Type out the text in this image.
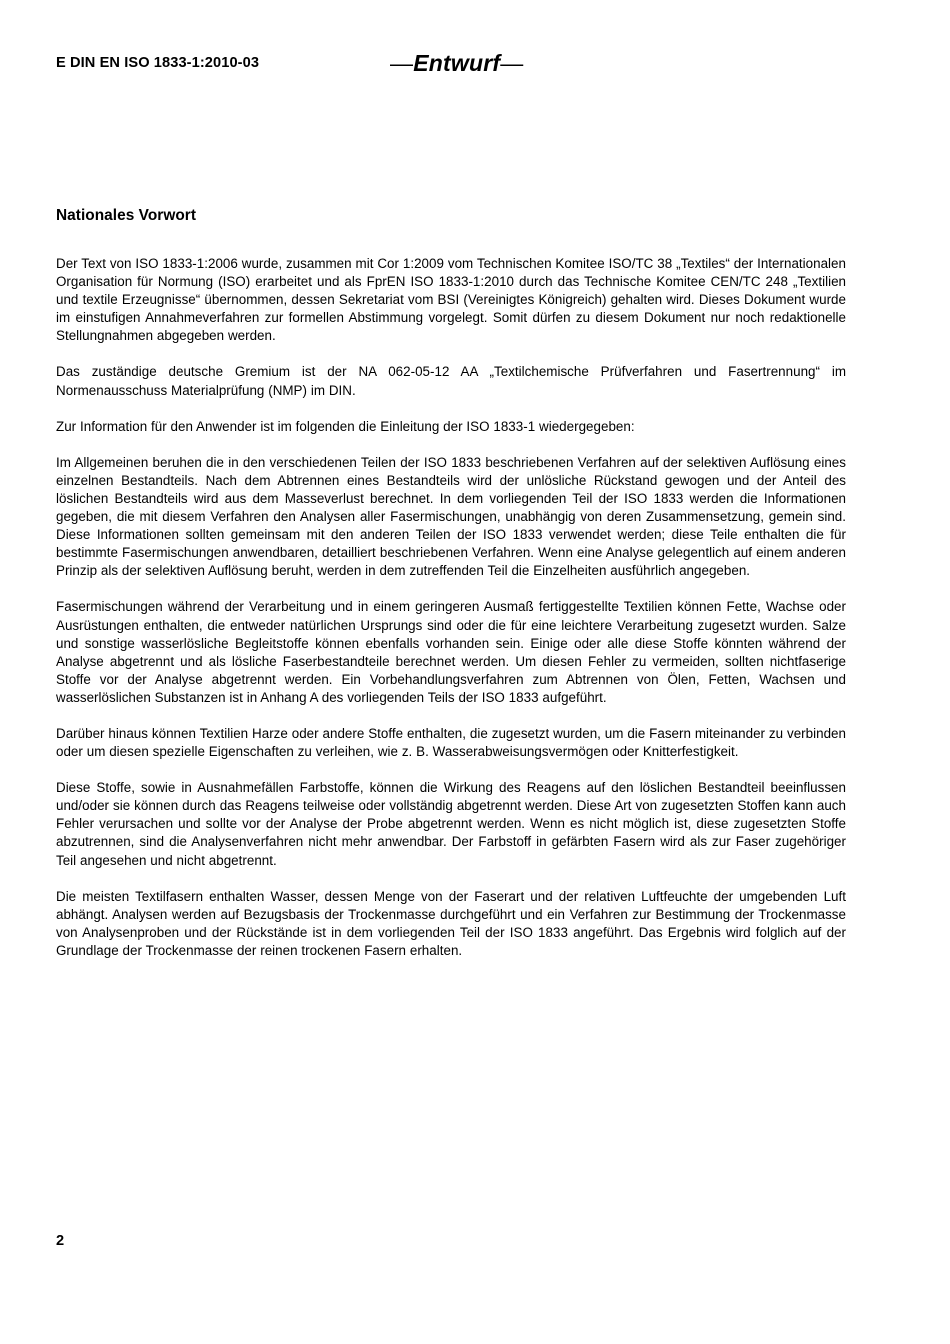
E DIN EN ISO 1833-1:2010-03	—Entwurf—
Nationales Vorwort

Der Text von ISO 1833-1:2006 wurde, zusammen mit Cor 1:2009 vom Technischen Komitee ISO/TC 38 „Textiles“ der Internationalen Organisation für Normung (ISO) erarbeitet und als FprEN ISO 1833-1:2010 durch das Technische Komitee CEN/TC 248 „Textilien und textile Erzeugnisse“ übernommen, dessen Sekretariat vom BSI (Vereinigtes Königreich) gehalten wird. Dieses Dokument wurde im einstufigen Annahmeverfahren zur formellen Abstimmung vorgelegt. Somit dürfen zu diesem Dokument nur noch redaktionelle Stellungnahmen abgegeben werden.

Das zuständige deutsche Gremium ist der NA 062-05-12 AA „Textilchemische Prüfverfahren und Fasertrennung“ im Normenausschuss Materialprüfung (NMP) im DIN.

Zur Information für den Anwender ist im folgenden die Einleitung der ISO 1833-1 wiedergegeben:

Im Allgemeinen beruhen die in den verschiedenen Teilen der ISO 1833 beschriebenen Verfahren auf der selektiven Auflösung eines einzelnen Bestandteils. Nach dem Abtrennen eines Bestandteils wird der unlösliche Rückstand gewogen und der Anteil des löslichen Bestandteils wird aus dem Masseverlust berechnet. In dem vorliegenden Teil der ISO 1833 werden die Informationen gegeben, die mit diesem Verfahren den Analysen aller Fasermischungen, unabhängig von deren Zusammensetzung, gemein sind. Diese Informationen sollten gemeinsam mit den anderen Teilen der ISO 1833 verwendet werden; diese Teile enthalten die für bestimmte Fasermischungen anwendbaren, detailliert beschriebenen Verfahren. Wenn eine Analyse gelegentlich auf einem anderen Prinzip als der selektiven Auflösung beruht, werden in dem zutreffenden Teil die Einzelheiten ausführlich angegeben.

Fasermischungen während der Verarbeitung und in einem geringeren Ausmaß fertiggestellte Textilien können Fette, Wachse oder Ausrüstungen enthalten, die entweder natürlichen Ursprungs sind oder die für eine leichtere Verarbeitung zugesetzt wurden. Salze und sonstige wasserlösliche Begleitstoffe können ebenfalls vorhanden sein. Einige oder alle diese Stoffe könnten während der Analyse abgetrennt und als lösliche Faserbestandteile berechnet werden. Um diesen Fehler zu vermeiden, sollten nichtfaserige Stoffe vor der Analyse abgetrennt werden. Ein Vorbehandlungsverfahren zum Abtrennen von Ölen, Fetten, Wachsen und wasserlöslichen Substanzen ist in Anhang A des vorliegenden Teils der ISO 1833 aufgeführt.

Darüber hinaus können Textilien Harze oder andere Stoffe enthalten, die zugesetzt wurden, um die Fasern miteinander zu verbinden oder um diesen spezielle Eigenschaften zu verleihen, wie z. B. Wasserabweisungsvermögen oder Knitterfestigkeit.

Diese Stoffe, sowie in Ausnahmefällen Farbstoffe, können die Wirkung des Reagens auf den löslichen Bestandteil beeinflussen und/oder sie können durch das Reagens teilweise oder vollständig abgetrennt werden. Diese Art von zugesetzten Stoffen kann auch Fehler verursachen und sollte vor der Analyse der Probe abgetrennt werden. Wenn es nicht möglich ist, diese zugesetzten Stoffe abzutrennen, sind die Analysenverfahren nicht mehr anwendbar. Der Farbstoff in gefärbten Fasern wird als zur Faser zugehöriger Teil angesehen und nicht abgetrennt.

Die meisten Textilfasern enthalten Wasser, dessen Menge von der Faserart und der relativen Luftfeuchte der umgebenden Luft abhängt. Analysen werden auf Bezugsbasis der Trockenmasse durchgeführt und ein Verfahren zur Bestimmung der Trockenmasse von Analysenproben und der Rückstände ist in dem vorliegenden Teil der ISO 1833 angeführt. Das Ergebnis wird folglich auf der Grundlage der Trockenmasse der reinen trockenen Fasern erhalten.

2
